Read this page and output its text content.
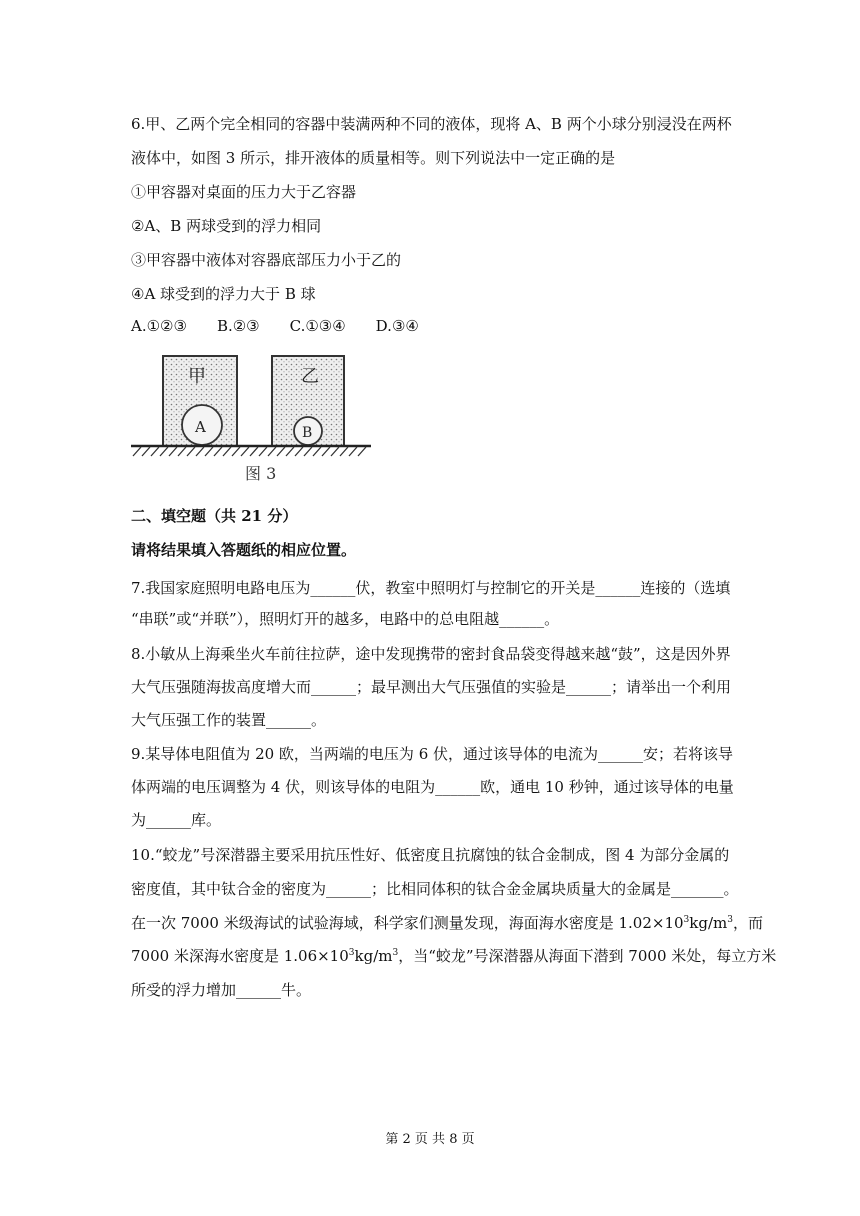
6.甲、乙两个完全相同的容器中装满两种不同的液体，现将 A、B 两个小球分别浸没在两杯
液体中，如图 3 所示，排开液体的质量相等。则下列说法中一定正确的是
①甲容器对桌面的压力大于乙容器
②A、B 两球受到的浮力相同
③甲容器中液体对容器底部压力小于乙的
④A 球受到的浮力大于 B 球
A.①②③　　B.②③　　C.①③④　　D.③④
甲
A
乙
B
图 3
二、填空题（共 21 分）
请将结果填入答题纸的相应位置。
7.我国家庭照明电路电压为______伏，教室中照明灯与控制它的开关是______连接的（选填
“串联”或“并联”），照明灯开的越多，电路中的总电阻越______。
8.小敏从上海乘坐火车前往拉萨，途中发现携带的密封食品袋变得越来越“鼓”，这是因外界
大气压强随海拔高度增大而______；最早测出大气压强值的实验是______；请举出一个利用
大气压强工作的装置______。
9.某导体电阻值为 20 欧，当两端的电压为 6 伏，通过该导体的电流为______安；若将该导
体两端的电压调整为 4 伏，则该导体的电阻为______欧，通电 10 秒钟，通过该导体的电量
为______库。
10.“蛟龙”号深潜器主要采用抗压性好、低密度且抗腐蚀的钛合金制成，图 4 为部分金属的
密度值，其中钛合金的密度为______；比相同体积的钛合金金属块质量大的金属是_______。
在一次 7000 米级海试的试验海域，科学家们测量发现，海面海水密度是 $1.02\times 10^3kg/m^3$，而
7000 米深海水密度是 $1.06\times 10^3kg/m^3$，当“蛟龙”号深潜器从海面下潜到 7000 米处，每立方米
所受的浮力增加______牛。
第 2 页 共 8 页
